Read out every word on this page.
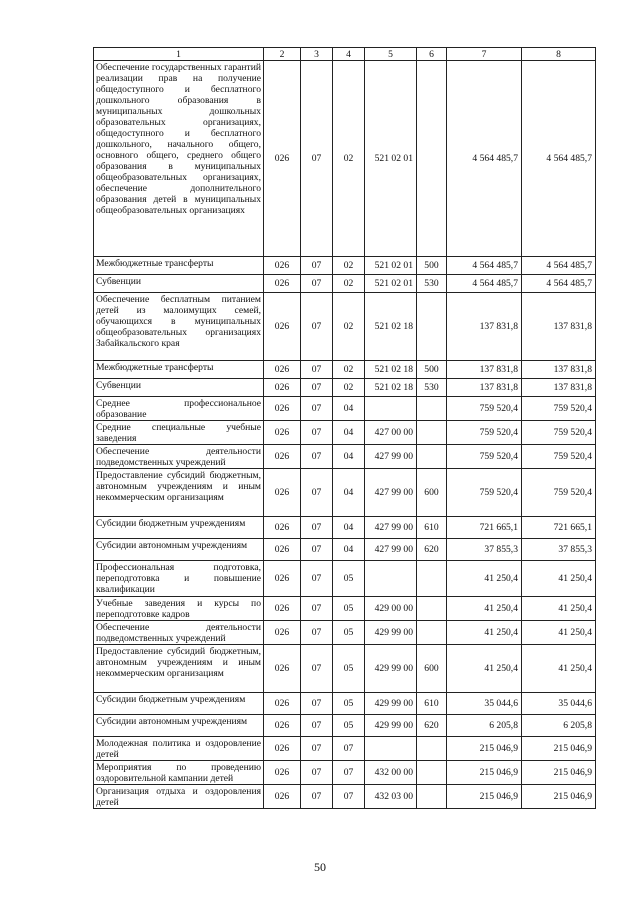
1	2	3	4	5	6	7	8
Обеспечение государственных гарантий реализации прав на получение общедоступного и бесплатного дошкольного образования в муниципальных дошкольных образовательных организациях, общедоступного и бесплатного дошкольного, начального общего, основного общего, среднего общего образования в муниципальных общеобразовательных организациях, обеспечение дополнительного образования детей в муниципальных общеобразовательных организациях	026	07	02	521 02 01		4 564 485,7	4 564 485,7
Межбюджетные трансферты	026	07	02	521 02 01	500	4 564 485,7	4 564 485,7
Субвенции	026	07	02	521 02 01	530	4 564 485,7	4 564 485,7
Обеспечение бесплатным питанием детей из малоимущих семей, обучающихся в муниципальных общеобразовательных организациях Забайкальского края	026	07	02	521 02 18		137 831,8	137 831,8
Межбюджетные трансферты	026	07	02	521 02 18	500	137 831,8	137 831,8
Субвенции	026	07	02	521 02 18	530	137 831,8	137 831,8
Среднее профессиональное образование	026	07	04			759 520,4	759 520,4
Средние специальные учебные заведения	026	07	04	427 00 00		759 520,4	759 520,4
Обеспечение деятельности подведомственных учреждений	026	07	04	427 99 00		759 520,4	759 520,4
Предоставление субсидий бюджетным, автономным учреждениям и иным некоммерческим организациям	026	07	04	427 99 00	600	759 520,4	759 520,4
Субсидии бюджетным учреждениям	026	07	04	427 99 00	610	721 665,1	721 665,1
Субсидии автономным учреждениям	026	07	04	427 99 00	620	37 855,3	37 855,3
Профессиональная подготовка, переподготовка и повышение квалификации	026	07	05			41 250,4	41 250,4
Учебные заведения и курсы по переподготовке кадров	026	07	05	429 00 00		41 250,4	41 250,4
Обеспечение деятельности подведомственных учреждений	026	07	05	429 99 00		41 250,4	41 250,4
Предоставление субсидий бюджетным, автономным учреждениям и иным некоммерческим организациям	026	07	05	429 99 00	600	41 250,4	41 250,4
Субсидии бюджетным учреждениям	026	07	05	429 99 00	610	35 044,6	35 044,6
Субсидии автономным учреждениям	026	07	05	429 99 00	620	6 205,8	6 205,8
Молодежная политика и оздоровление детей	026	07	07			215 046,9	215 046,9
Мероприятия по проведению оздоровительной кампании детей	026	07	07	432 00 00		215 046,9	215 046,9
Организация отдыха и оздоровления детей	026	07	07	432 03 00		215 046,9	215 046,9
50
